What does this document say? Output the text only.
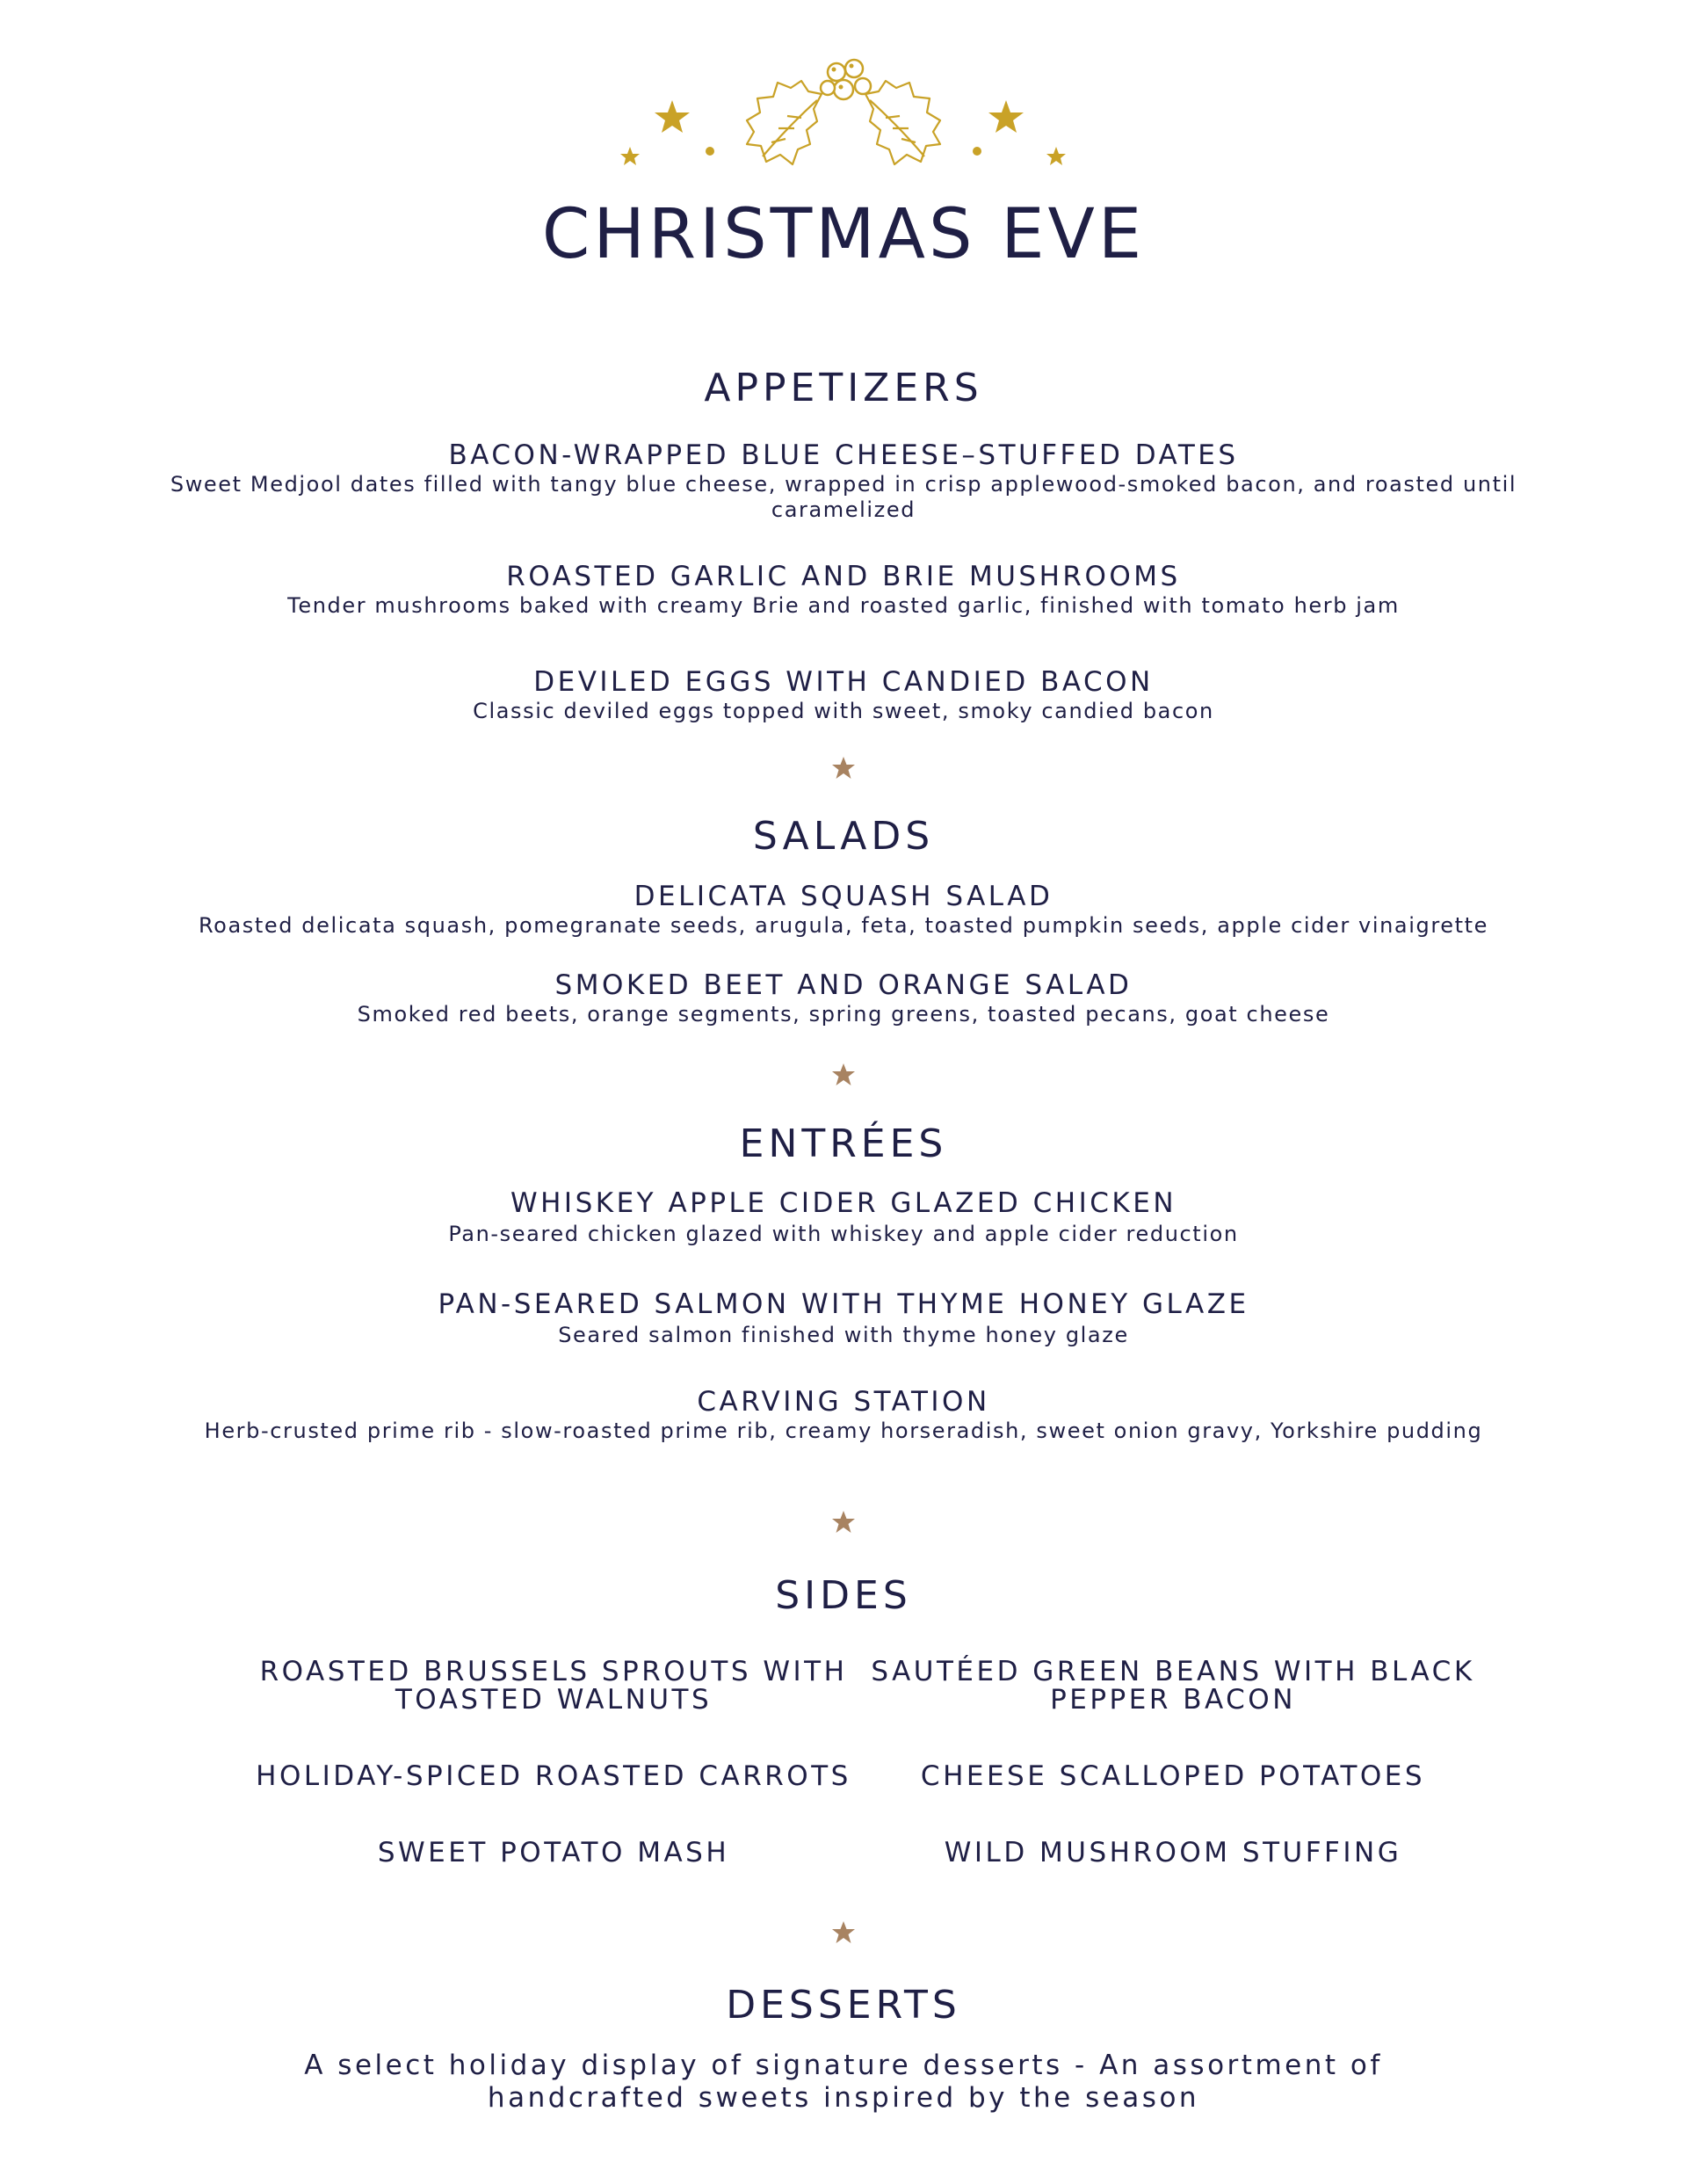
CHRISTMAS EVE
APPETIZERS
BACON-WRAPPED BLUE CHEESE–STUFFED DATES
Sweet Medjool dates filled with tangy blue cheese, wrapped in crisp applewood-smoked bacon, and roasted until caramelized
ROASTED GARLIC AND BRIE MUSHROOMS
Tender mushrooms baked with creamy Brie and roasted garlic, finished with tomato herb jam
DEVILED EGGS WITH CANDIED BACON
Classic deviled eggs topped with sweet, smoky candied bacon
SALADS
DELICATA SQUASH SALAD
Roasted delicata squash, pomegranate seeds, arugula, feta, toasted pumpkin seeds, apple cider vinaigrette
SMOKED BEET AND ORANGE SALAD
Smoked red beets, orange segments, spring greens, toasted pecans, goat cheese
ENTRÉES
WHISKEY APPLE CIDER GLAZED CHICKEN
Pan-seared chicken glazed with whiskey and apple cider reduction
PAN-SEARED SALMON WITH THYME HONEY GLAZE
Seared salmon finished with thyme honey glaze
CARVING STATION
Herb-crusted prime rib - slow-roasted prime rib, creamy horseradish, sweet onion gravy, Yorkshire pudding
SIDES
ROASTED BRUSSELS SPROUTS WITH TOASTED WALNUTS
SAUTÉED GREEN BEANS WITH BLACK PEPPER BACON
HOLIDAY-SPICED ROASTED CARROTS	CHEESE SCALLOPED POTATOES
SWEET POTATO MASH	WILD MUSHROOM STUFFING
DESSERTS
A select holiday display of signature desserts - An assortment of handcrafted sweets inspired by the season
